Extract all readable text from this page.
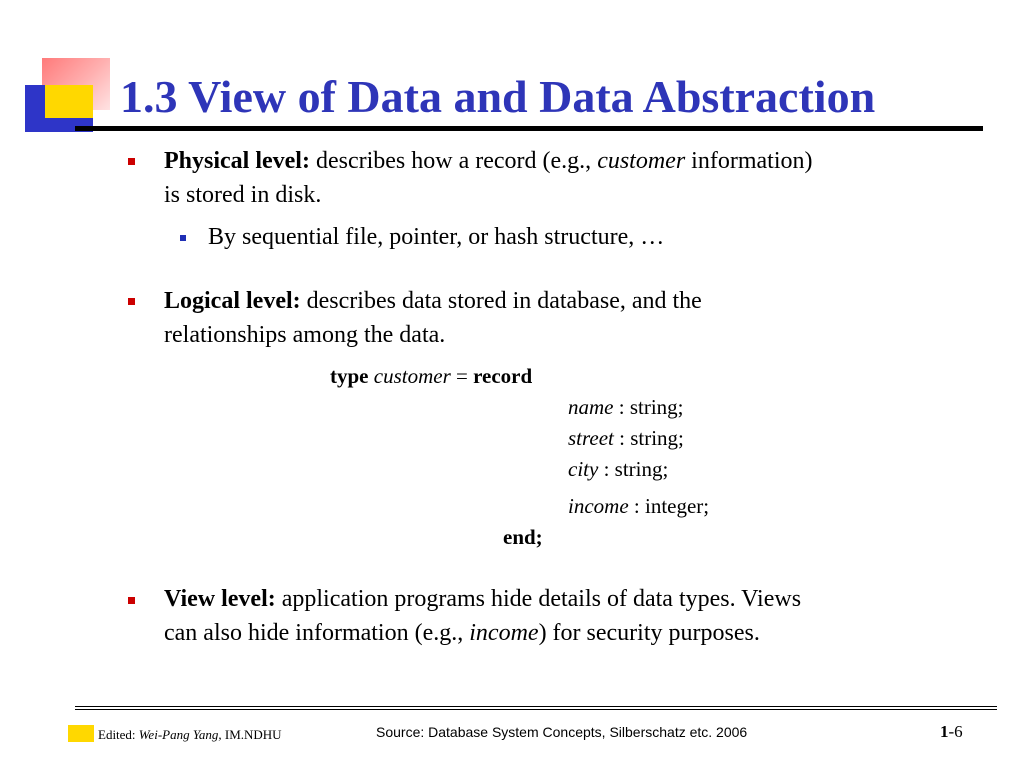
1.3 View of Data and Data Abstraction
Physical level: describes how a record (e.g., customer information)
is stored in disk.
By sequential file, pointer, or hash structure, …
Logical level: describes data stored in database, and the
relationships among the data.
type customer = record
name : string;
street : string;
city : string;
income : integer;
end;
View level: application programs hide details of data types. Views
can also hide information (e.g., income) for security purposes.
Edited: Wei-Pang Yang, IM.NDHU	Source: Database System Concepts, Silberschatz etc. 2006	1-6
